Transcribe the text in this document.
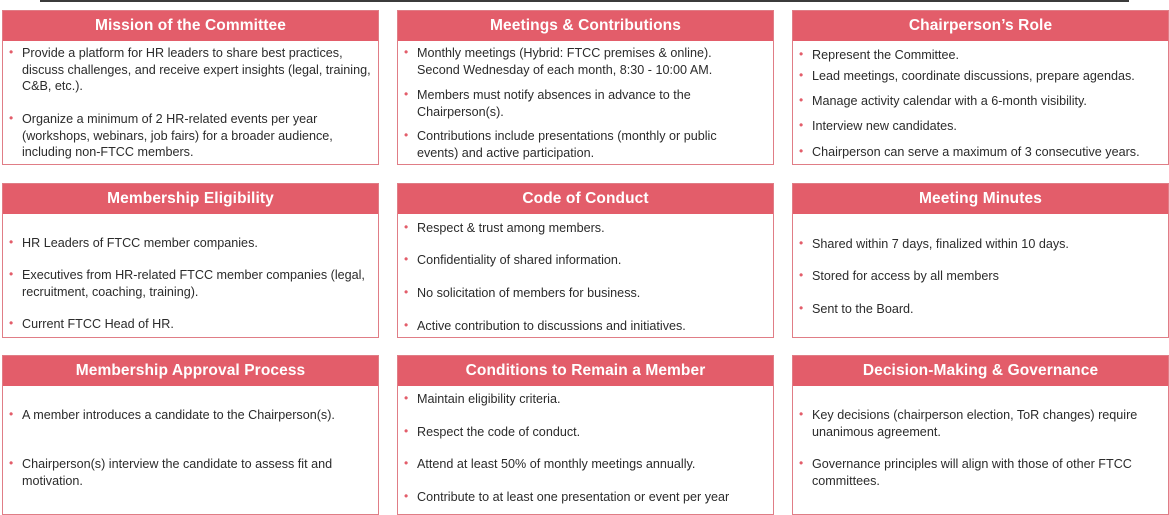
Mission of the Committee
• Provide a platform for HR leaders to share best practices, discuss challenges, and receive expert insights (legal, training, C&B, etc.).
• Organize a minimum of 2 HR-related events per year (workshops, webinars, job fairs) for a broader audience, including non-FTCC members.
Meetings & Contributions
• Monthly meetings (Hybrid: FTCC premises & online). Second Wednesday of each month, 8:30 - 10:00 AM.
• Members must notify absences in advance to the Chairperson(s).
• Contributions include presentations (monthly or public events) and active participation.
Chairperson’s Role
• Represent the Committee.
• Lead meetings, coordinate discussions, prepare agendas.
• Manage activity calendar with a 6-month visibility.
• Interview new candidates.
• Chairperson can serve a maximum of 3 consecutive years.
Membership Eligibility
• HR Leaders of FTCC member companies.
• Executives from HR-related FTCC member companies (legal, recruitment, coaching, training).
• Current FTCC Head of HR.
Code of Conduct
• Respect & trust among members.
• Confidentiality of shared information.
• No solicitation of members for business.
• Active contribution to discussions and initiatives.
Meeting Minutes
• Shared within 7 days, finalized within 10 days.
• Stored for access by all members
• Sent to the Board.
Membership Approval Process
• A member introduces a candidate to the Chairperson(s).
• Chairperson(s) interview the candidate to assess fit and motivation.
Conditions to Remain a Member
• Maintain eligibility criteria.
• Respect the code of conduct.
• Attend at least 50% of monthly meetings annually.
• Contribute to at least one presentation or event per year
Decision-Making & Governance
• Key decisions (chairperson election, ToR changes) require unanimous agreement.
• Governance principles will align with those of other FTCC committees.
